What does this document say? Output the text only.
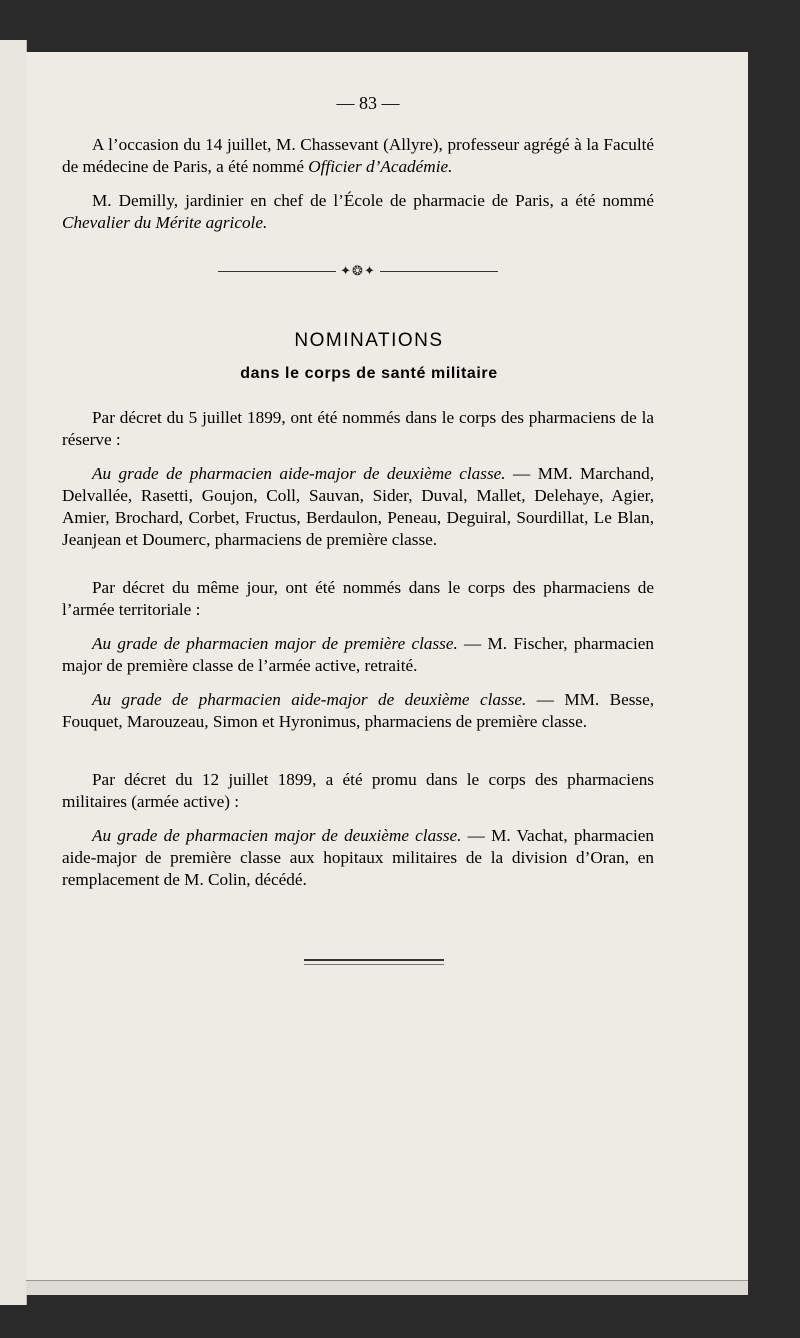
— 83 —

A l’occasion du 14 juillet, M. Chassevant (Allyre), professeur agrégé à la Faculté de médecine de Paris, a été nommé Officier d’Académie.

M. Demilly, jardinier en chef de l’École de pharmacie de Paris, a été nommé Chevalier du Mérite agricole.

✦❂✦
NOMINATIONS
dans le corps de santé militaire

Par décret du 5 juillet 1899, ont été nommés dans le corps des pharmaciens de la réserve :

Au grade de pharmacien aide-major de deuxième classe. — MM. Marchand, Delvallée, Rasetti, Goujon, Coll, Sauvan, Sider, Duval, Mallet, Delehaye, Agier, Amier, Brochard, Corbet, Fructus, Berdaulon, Peneau, Deguiral, Sourdillat, Le Blan, Jeanjean et Doumerc, pharmaciens de première classe.

Par décret du même jour, ont été nommés dans le corps des pharmaciens de l’armée territoriale :

Au grade de pharmacien major de première classe. — M. Fischer, pharmacien major de première classe de l’armée active, retraité.

Au grade de pharmacien aide-major de deuxième classe. — MM. Besse, Fouquet, Marouzeau, Simon et Hyronimus, pharmaciens de première classe.

Par décret du 12 juillet 1899, a été promu dans le corps des pharmaciens militaires (armée active) :

Au grade de pharmacien major de deuxième classe. — M. Vachat, pharmacien aide-major de première classe aux hopitaux militaires de la division d’Oran, en remplacement de M. Colin, décédé.
